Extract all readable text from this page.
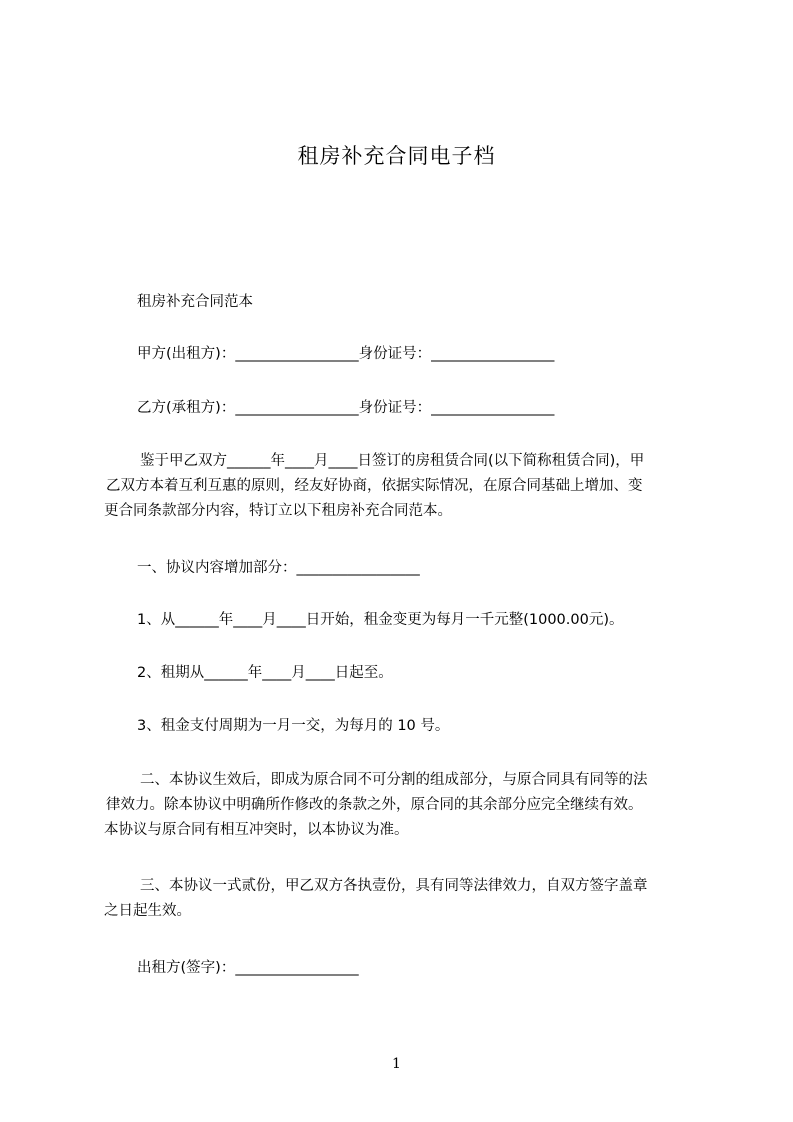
租房补充合同电子档
租房补充合同范本
甲方(出租方)：_________________身份证号：_________________
乙方(承租方)：_________________身份证号：_________________
鉴于甲乙双方______年____月____日签订的房租赁合同(以下简称租赁合同)，甲
乙双方本着互利互惠的原则，经友好协商，依据实际情况，在原合同基础上增加、变
更合同条款部分内容，特订立以下租房补充合同范本。
一、协议内容增加部分：_________________
1、从______年____月____日开始，租金变更为每月一千元整(1000.00元)。
2、租期从______年____月____日起至。
3、租金支付周期为一月一交，为每月的 10 号。
二、本协议生效后，即成为原合同不可分割的组成部分，与原合同具有同等的法
律效力。除本协议中明确所作修改的条款之外，原合同的其余部分应完全继续有效。
本协议与原合同有相互冲突时，以本协议为准。
三、本协议一式贰份，甲乙双方各执壹份，具有同等法律效力，自双方签字盖章
之日起生效。
出租方(签字)：_________________
1
